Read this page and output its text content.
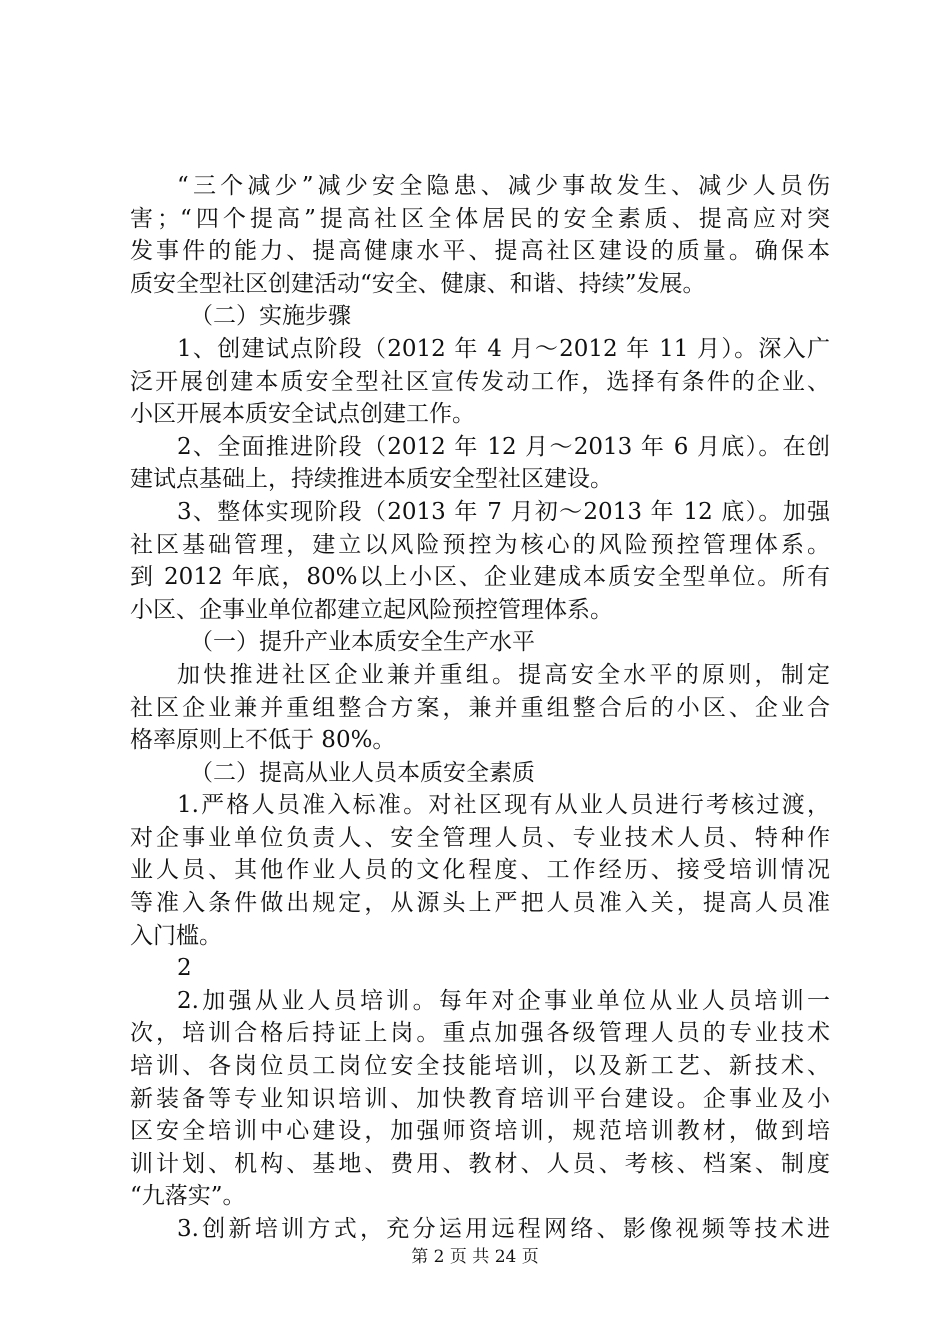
“三个减少”减少安全隐患、减少事故发生、减少人员伤
害；“四个提高”提高社区全体居民的安全素质、提高应对突
发事件的能力、提高健康水平、提高社区建设的质量。确保本
质安全型社区创建活动“安全、健康、和谐、持续”发展。
（二）实施步骤
1、创建试点阶段（2012 年 4 月～2012 年 11 月）。深入广
泛开展创建本质安全型社区宣传发动工作，选择有条件的企业、
小区开展本质安全试点创建工作。
2、全面推进阶段（2012 年 12 月～2013 年 6 月底）。在创
建试点基础上，持续推进本质安全型社区建设。
3、整体实现阶段（2013 年 7 月初～2013 年 12 底）。加强
社区基础管理，建立以风险预控为核心的风险预控管理体系。
到 2012 年底，80%以上小区、企业建成本质安全型单位。所有
小区、企事业单位都建立起风险预控管理体系。
（一）提升产业本质安全生产水平
加快推进社区企业兼并重组。提高安全水平的原则，制定
社区企业兼并重组整合方案，兼并重组整合后的小区、企业合
格率原则上不低于 80%。
（二）提高从业人员本质安全素质
1.严格人员准入标准。对社区现有从业人员进行考核过渡，
对企事业单位负责人、安全管理人员、专业技术人员、特种作
业人员、其他作业人员的文化程度、工作经历、接受培训情况
等准入条件做出规定，从源头上严把人员准入关，提高人员准
入门槛。
2
2.加强从业人员培训。每年对企事业单位从业人员培训一
次，培训合格后持证上岗。重点加强各级管理人员的专业技术
培训、各岗位员工岗位安全技能培训，以及新工艺、新技术、
新装备等专业知识培训、加快教育培训平台建设。企事业及小
区安全培训中心建设，加强师资培训，规范培训教材，做到培
训计划、机构、基地、费用、教材、人员、考核、档案、制度
“九落实”。
3.创新培训方式，充分运用远程网络、影像视频等技术进
第 2 页 共 24 页
